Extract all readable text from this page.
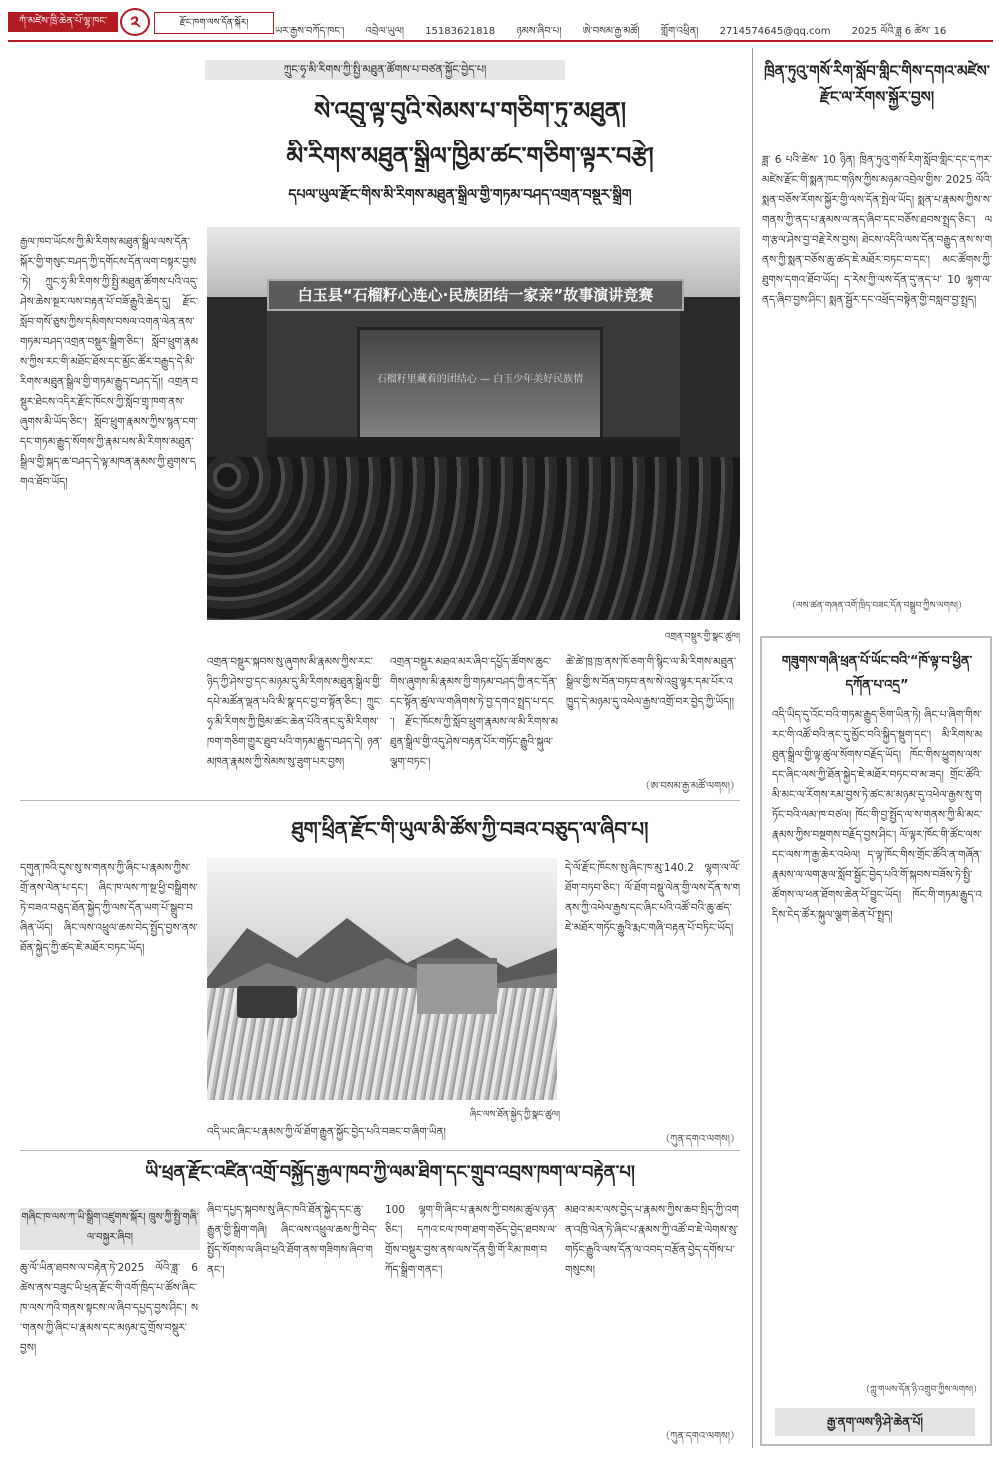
ཀཾ་མཛེས་ཁྲི་ཆེན་པོ་ལྷ་ཁང་	༢	རྫོང་ཁག་ལས་དོན་སྐོར།
ཡར་རྒྱས་བཀོད་ཁང་། འབྲེལ་ཡུལ། 15183621818 ཉམས་ཞིབ་པ། ཨེ་བསམ་རྒྱ་མཚོ། གློག་འཕྲིན། 2714574645@qq.com 2025 ལོའི་ཟླ 6 ཚེས་ 16
ཀྲུང་ཧྭ་མི་རིགས་ཀྱི་སྤྱི་མཐུན་ཚོགས་པ་བཙན་སྐྱོང་བྱེད་པ།
སེ་འབྲུ་ལྟ་བུའི་སེམས་པ་གཅིག་ཏུ་མཐུན།
མི་རིགས་མཐུན་སྒྲིལ་ཁྱིམ་ཚང་གཅིག་ལྟར་བརྩེ།
དཔལ་ཡུལ་རྫོང་གིས་མི་རིགས་མཐུན་སྒྲིལ་གྱི་གཏམ་བཤད་འགྲན་བསྡུར་སྒྲིག
རྒྱལ་ཁབ་ཡོངས་ཀྱི་མི་རིགས་མཐུན་སྒྲིལ་ལས་དོན་སྐོར་གྱི་གསུང་བཤད་ཀྱི་དགོངས་དོན་ལག་བསྟར་བྱས་ཏེ། ཀྲུང་ཧྭ་མི་རིགས་ཀྱི་སྤྱི་མཐུན་ཚོགས་པའི་འདུ་ཤེས་ཆེས་སྔར་ལས་བརྟན་པོ་བཟོ་རྒྱུའི་ཆེད་དུ། རྫོང་སློབ་གསོ་ཅུས་ཀྱིས་དམིགས་བསལ་འགན་ལེན་ནས་གཏམ་བཤད་འགྲན་བསྡུར་སྒྲིག་ཅིང་། སློབ་ཕྲུག་རྣམས་ཀྱིས་རང་གི་མཐོང་ཐོས་དང་མྱོང་ཚོར་བརྒྱུད་དེ་མི་རིགས་མཐུན་སྒྲིལ་གྱི་གཏམ་རྒྱུད་བཤད་དོ།། འགྲན་བསྡུར་ཐེངས་འདིར་རྫོང་ཁོངས་ཀྱི་སློབ་གྲྭ་ཁག་ནས་ཞུགས་མི་ཡོད་ཅིང་། སློབ་ཕྲུག་རྣམས་ཀྱིས་སྙན་ངག་དང་གཏམ་རྒྱུད་སོགས་ཀྱི་རྣམ་པས་མི་རིགས་མཐུན་སྒྲིལ་གྱི་སྐད་ཆ་བཤད་དེ་ལྟ་མཁན་རྣམས་ཀྱི་ཐུགས་དགའ་ཐོབ་ཡོད།
白玉县“石榴籽心连心·民族团结一家亲”故事演讲竞赛
石榴籽里藏着的团结心 — 白玉少年美好民族情
འགྲན་བསྡུར་གྱི་སྣང་ཚུལ།
འགྲན་བསྡུར་སྐབས་སུ་ཞུགས་མི་རྣམས་ཀྱིས་རང་ཉིད་ཀྱི་ཤེས་བྱ་དང་མཉམ་དུ་མི་རིགས་མཐུན་སྒྲིལ་གྱི་དཔེ་མཚོན་ལྡན་པའི་མི་སྣ་དང་བྱ་བ་སྟོན་ཅིང་། ཀྲུང་ཧྭ་མི་རིགས་ཀྱི་ཁྱིམ་ཚང་ཆེན་པོའི་ནང་དུ་མི་རིགས་ཁག་གཅིག་གྱུར་ཐུབ་པའི་གཏམ་རྒྱུད་བཤད་དེ། ཉན་མཁན་རྣམས་ཀྱི་སེམས་སུ་ཟུག་པར་བྱས།
འགྲན་བསྡུར་མཐའ་མར་ཞིབ་དཔྱོད་ཚོགས་ཆུང་གིས་ཞུགས་མི་རྣམས་ཀྱི་གཏམ་བཤད་ཀྱི་ནང་དོན་དང་སྟོན་ཚུལ་ལ་གཞིགས་ཏེ་བྱ་དགའ་སྤྲད་པ་དང་། རྫོང་ཁོངས་ཀྱི་སློབ་ཕྲུག་རྣམས་ལ་མི་རིགས་མཐུན་སྒྲིལ་གྱི་འདུ་ཤེས་བརྟན་པོར་གཏོང་རྒྱུའི་སྐུལ་ལྕག་བཏང་།
ཚེ་ཚེ་ཁྲ་ཁྲ་ནས་ཁོ་ཅག་གི་སྙིང་ལ་མི་རིགས་མཐུན་སྒྲིལ་གྱི་ས་བོན་བཏབ་ནས་སེ་འབྲུ་ལྟར་དམ་པོར་འཁྱུད་དེ་མཉམ་དུ་འཕེལ་རྒྱས་འགྲོ་བར་བྱེད་ཀྱི་ཡོད།།
（ཨ་བསམ་རྒྱ་མཚོ་ལགས།）
ཐུག་ཕྲིན་རྫོང་གི་ཡུལ་མི་ཚོས་ཀྱི་བཟའ་བཅུད་ལ་ཞིབ་པ།
དགུན་ཁའི་དུས་སུ་ས་གནས་ཀྱི་ཞིང་པ་རྣམས་ཀྱིས་གྲོ་ནས་ལེན་པ་དང་། ཞིང་ཁ་ལས་ཀ་སྔ་ཕྱི་བསྒྲིགས་ཏེ་བཟའ་བཅུད་ཐོན་སྐྱེད་ཀྱི་ལས་དོན་ཡག་པོ་སྒྲུབ་བཞིན་ཡོད། ཞིང་ལས་འཕྲུལ་ཆས་བེད་སྤྱོད་བྱས་ནས་ཐོན་སྐྱེད་ཀྱི་ཚད་ཇེ་མཐོར་བཏང་ཡོད།
ཞིང་ལས་ཐོན་སྐྱེད་ཀྱི་སྣང་ཚུལ།
དེ་ལོ་རྫོང་ཁོངས་སུ་ཞིང་ཁ་མུ་140.2 ལྷག་ལ་ལོ་ཐོག་བཏབ་ཅིང་། ལོ་ཐོག་བསྡུ་ལེན་གྱི་ལས་དོན་ས་གནས་ཀྱི་འཕེལ་རྒྱས་དང་ཞིང་པའི་འཚོ་བའི་ཆུ་ཚད་ཇེ་མཐོར་གཏོང་རྒྱུའི་རྨང་གཞི་བརྟན་པོ་བཏིང་ཡོད།
འདི་ཡང་ཞིང་པ་རྣམས་ཀྱི་ལོ་ཐོག་རྒྱུན་སྐྱོང་བྱེད་པའི་བཟང་བ་ཞིག་ཡིན།
（ཀུན་དགའ་ལགས།）
ཡི་ཕྲན་རྫོང་འཛིན་འགྲོ་བསྐྱོད་རྒྱལ་ཁབ་ཀྱི་ལམ་ཐིག་དང་གྲུབ་འབྲས་ཁག་ལ་བརྟེན་པ།
གཞིང་ཁ་ལས་ཀ་ཡི་སྒྲིག་འཛུགས་སྐོར། ཁྲུས་ཀྱི་སྤྱི་གཞི་ལ་བསྐྱར་ཞིབ།
ཆུ་ལོ་ཡིན་ཐབས་ལ་བརྟེན་ཏེ་2025 ལོའི་ཟླ་ 6 ཚེས་ནས་བཟུང་ཡི་ཕྲན་རྫོང་གི་འགོ་ཁྲིད་པ་ཚོས་ཞིང་ཁ་ལས་ཀའི་གནས་སྟངས་ལ་ཞིབ་དཔྱད་བྱས་ཤིང་། ས་གནས་ཀྱི་ཞིང་པ་རྣམས་དང་མཉམ་དུ་གྲོས་བསྡུར་བྱས།
ཞིབ་དཔྱད་སྐབས་སུ་ཞིང་ཁའི་ཐོན་སྐྱེད་དང་ཆུ་རྒྱུན་གྱི་སྒྲིག་གཞི། ཞིང་ལས་འཕྲུལ་ཆས་ཀྱི་བེད་སྤྱོད་སོགས་ལ་ཞིབ་ཕྲའི་ཐོག་ནས་གཟིགས་ཞིབ་གནང་།
100 ལྷག་གི་ཞིང་པ་རྣམས་ཀྱི་བསམ་ཚུལ་ཉན་ཅིང་། དཀའ་ངལ་ཁག་ཐག་གཅོད་བྱེད་ཐབས་ལ་གྲོས་བསྡུར་བྱས་ནས་ལས་དོན་གྱི་གོ་རིམ་ཁག་བཀོད་སྒྲིག་གནང་།
མཐའ་མར་ལས་བྱེད་པ་རྣམས་ཀྱིས་ཆབ་སྲིད་ཀྱི་འགན་འཁྲི་ལེན་ཏེ་ཞིང་པ་རྣམས་ཀྱི་འཚོ་བ་ཇེ་ལེགས་སུ་གཏོང་རྒྱུའི་ལས་དོན་ལ་འབད་བརྩོན་བྱེད་དགོས་པ་གསུངས།
（ཀུན་དགའ་ལགས།）
ཁྲིན་ཏུའུ་གསོ་རིག་སློབ་གླིང་གིས་དགའ་མཛེས་རྫོང་ལ་རོགས་སྐྱོར་བྱས།
ཟླ་ 6 པའི་ཚེས་ 10 ཉིན། ཁྲིན་ཏུའུ་གསོ་རིག་སློབ་གླིང་དང་དཀར་མཛེས་རྫོང་གི་སྨན་ཁང་གཉིས་ཀྱིས་མཉམ་འབྲེལ་གྱིས་ 2025 ལོའི་སྨན་བཅོས་རོགས་སྐྱོར་གྱི་ལས་དོན་སྤེལ་ཡོད། སྨན་པ་རྣམས་ཀྱིས་ས་གནས་ཀྱི་ནད་པ་རྣམས་ལ་ནད་ཞིབ་དང་བཅོས་ཐབས་སྤྲད་ཅིང་། ལག་རྩལ་ཤེས་བྱ་བརྗེ་རེས་བྱས། ཐེངས་འདིའི་ལས་དོན་བརྒྱུད་ནས་ས་གནས་ཀྱི་སྨན་བཅོས་ཆུ་ཚད་ཇེ་མཐོར་བཏང་བ་དང་། མང་ཚོགས་ཀྱི་ཐུགས་དགའ་ཐོབ་ཡོད། ད་རེས་ཀྱི་ལས་དོན་དུ་ནད་པ་ 10 ལྷག་ལ་ནད་ཞིབ་བྱས་ཤིང་། སྨན་སྦྱོར་དང་འཕྲོད་བསྟེན་གྱི་བསླབ་བྱ་སྤྲད།
（ལས་ཚན་གཞན་འགོ་ཁྲིད་བཟང་དོན་བསྒྲུབ་ཀྱིས་ལགས།）
གཟུགས་གཞི་ཕྲན་པོ་ཡོང་བའི་“ཁོ་ལྟ་བ་ཕྱིན་དཀོན་པ་འདྲ”
འདི་ཡིད་དུ་འོང་བའི་གཏམ་རྒྱུད་ཅིག་ཡིན་ཏེ། ཞིང་པ་ཞིག་གིས་རང་གི་འཚོ་བའི་ནང་དུ་མྱོང་བའི་སྐྱིད་སྡུག་དང་། མི་རིགས་མཐུན་སྒྲིལ་གྱི་ལྟ་ཚུལ་སོགས་བརྗོད་ཡོད། ཁོང་གིས་ཕྱུགས་ལས་དང་ཞིང་ལས་ཀྱི་ཐོན་སྐྱེད་ཇེ་མཐོར་བཏང་བ་མ་ཟད། གྲོང་ཚོའི་མི་མང་ལ་རོགས་རམ་བྱས་ཏེ་ཚང་མ་མཉམ་དུ་འཕེལ་རྒྱས་སུ་གཏོང་བའི་ལམ་ཁ་བཙལ། ཁོང་གི་བྱ་སྤྱོད་ལ་ས་གནས་ཀྱི་མི་མང་རྣམས་ཀྱིས་བསྔགས་བརྗོད་བྱས་ཤིང་། ལོ་ལྟར་ཁོང་གི་ཚོང་ལས་དང་ལས་ཀ་རྒྱ་ཆེར་འཕེལ། ད་ལྟ་ཁོང་གིས་གྲོང་ཚོའི་ན་གཞོན་རྣམས་ལ་ལག་རྩལ་སློབ་སྦྱོང་བྱེད་པའི་གོ་སྐབས་བཟོས་ཏེ་སྤྱི་ཚོགས་ལ་ཕན་ཐོགས་ཆེན་པོ་བྱུང་ཡོད། ཁོང་གི་གཏམ་རྒྱུད་འདིས་ངེད་ཚོར་སྐུལ་ལྕག་ཆེན་པོ་སྤྲད།
（ཀླུ་གཡས་དོན་ཉི་འགྲུབ་ཀྱིས་ལགས།）
རྒྱ་ནག་ལས་ཉི་ཤེ་ཆེན་པོ།
